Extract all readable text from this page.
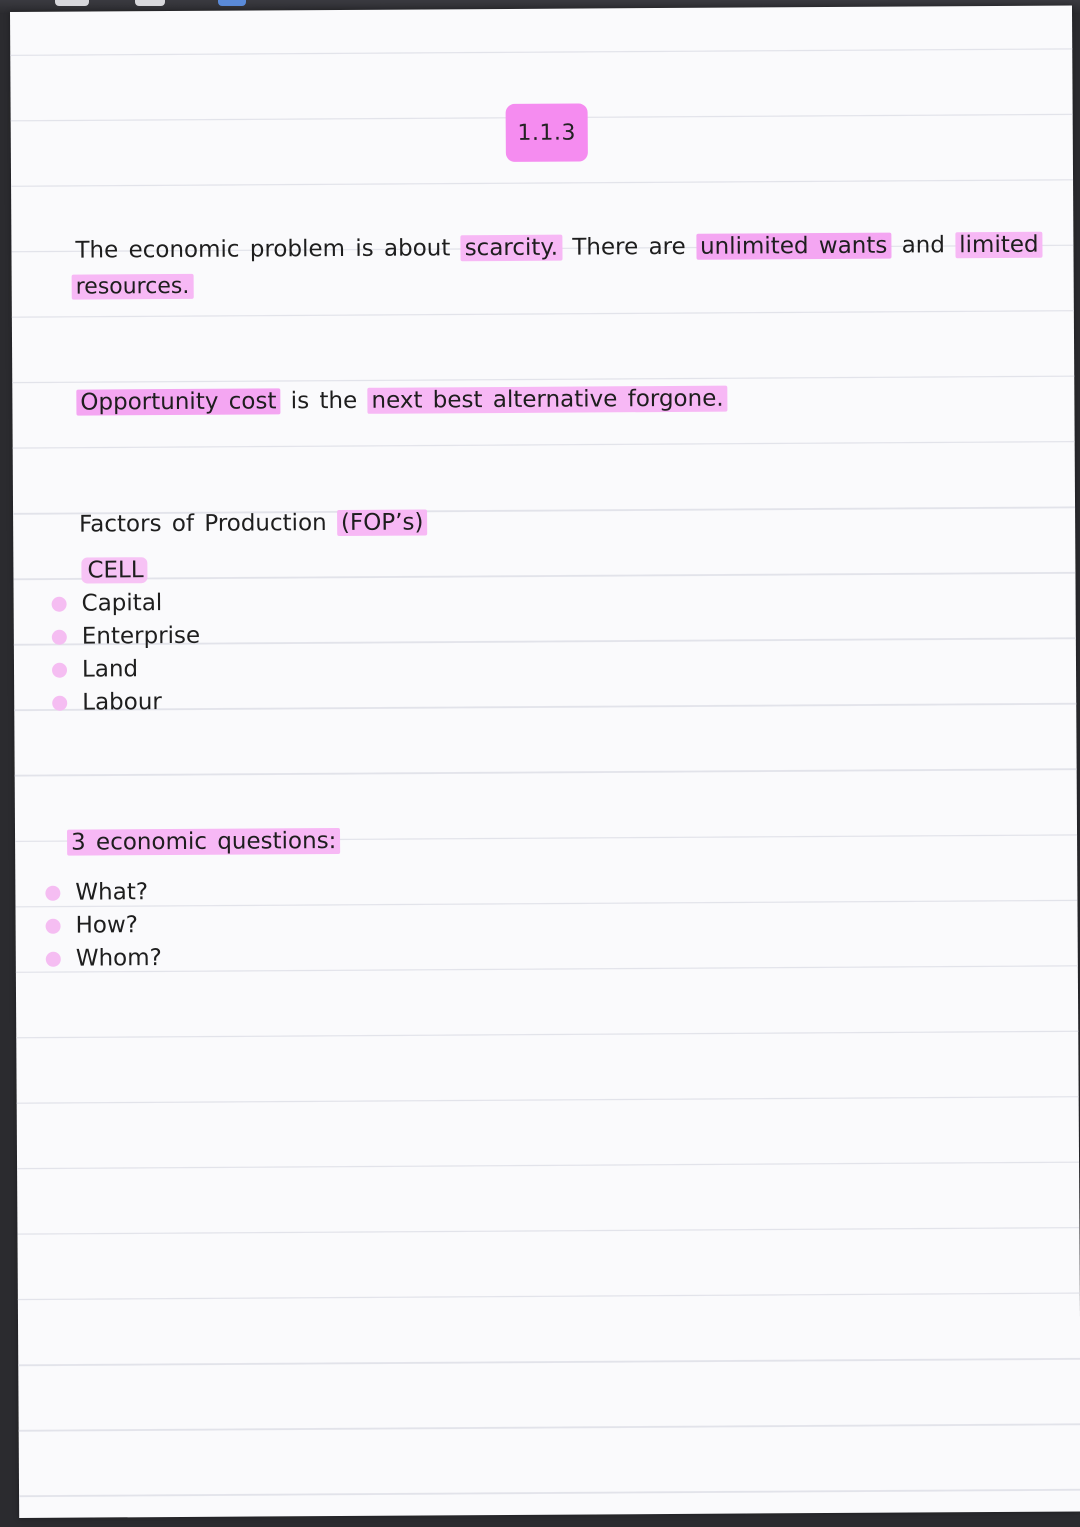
1.1.3
The economic problem is about scarcity. There are unlimited wants and limited
resources.
Opportunity cost is the next best alternative forgone.
Factors of Production (FOP’s)
CELL
Capital
Enterprise
Land
Labour
3 economic questions:
What?
How?
Whom?
